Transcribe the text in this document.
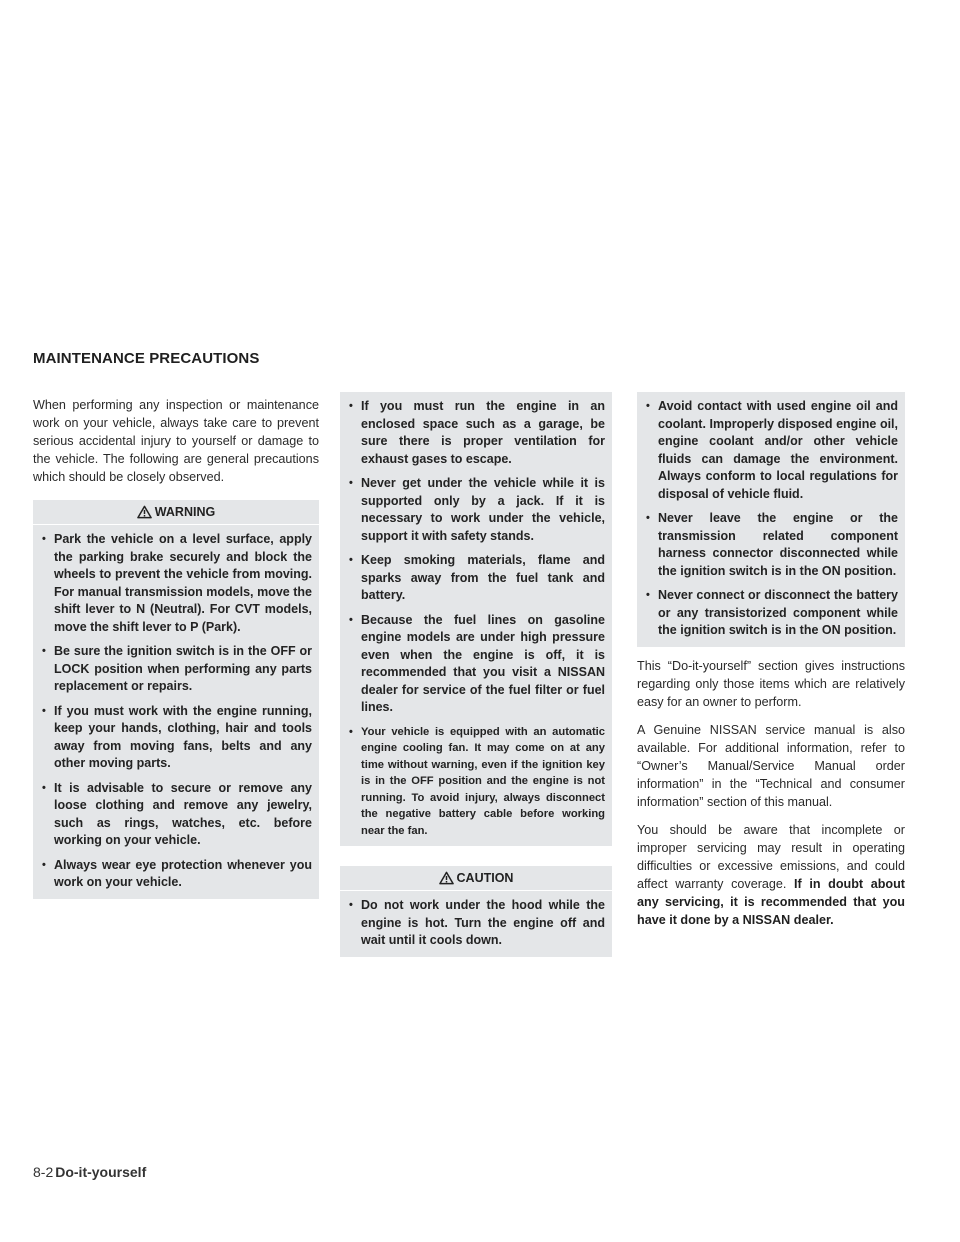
MAINTENANCE PRECAUTIONS

When performing any inspection or maintenance work on your vehicle, always take care to prevent serious accidental injury to yourself or damage to the vehicle. The following are general precautions which should be closely observed.

WARNING
• Park the vehicle on a level surface, apply the parking brake securely and block the wheels to prevent the vehicle from moving. For manual transmission models, move the shift lever to N (Neutral). For CVT models, move the shift lever to P (Park).
• Be sure the ignition switch is in the OFF or LOCK position when performing any parts replacement or repairs.
• If you must work with the engine running, keep your hands, clothing, hair and tools away from moving fans, belts and any other moving parts.
• It is advisable to secure or remove any loose clothing and remove any jewelry, such as rings, watches, etc. before working on your vehicle.
• Always wear eye protection whenever you work on your vehicle.
• If you must run the engine in an enclosed space such as a garage, be sure there is proper ventilation for exhaust gases to escape.
• Never get under the vehicle while it is supported only by a jack. If it is necessary to work under the vehicle, support it with safety stands.
• Keep smoking materials, flame and sparks away from the fuel tank and battery.
• Because the fuel lines on gasoline engine models are under high pressure even when the engine is off, it is recommended that you visit a NISSAN dealer for service of the fuel filter or fuel lines.
• Your vehicle is equipped with an automatic engine cooling fan. It may come on at any time without warning, even if the ignition key is in the OFF position and the engine is not running. To avoid injury, always disconnect the negative battery cable before working near the fan.
CAUTION
• Do not work under the hood while the engine is hot. Turn the engine off and wait until it cools down.
• Avoid contact with used engine oil and coolant. Improperly disposed engine oil, engine coolant and/or other vehicle fluids can damage the environment. Always conform to local regulations for disposal of vehicle fluid.
• Never leave the engine or the transmission related component harness connector disconnected while the ignition switch is in the ON position.
• Never connect or disconnect the battery or any transistorized component while the ignition switch is in the ON position.

This “Do-it-yourself” section gives instructions regarding only those items which are relatively easy for an owner to perform.

A Genuine NISSAN service manual is also available. For additional information, refer to “Owner’s Manual/Service Manual order information” in the “Technical and consumer information” section of this manual.

You should be aware that incomplete or improper servicing may result in operating difficulties or excessive emissions, and could affect warranty coverage. If in doubt about any servicing, it is recommended that you have it done by a NISSAN dealer.

8-2 Do-it-yourself
